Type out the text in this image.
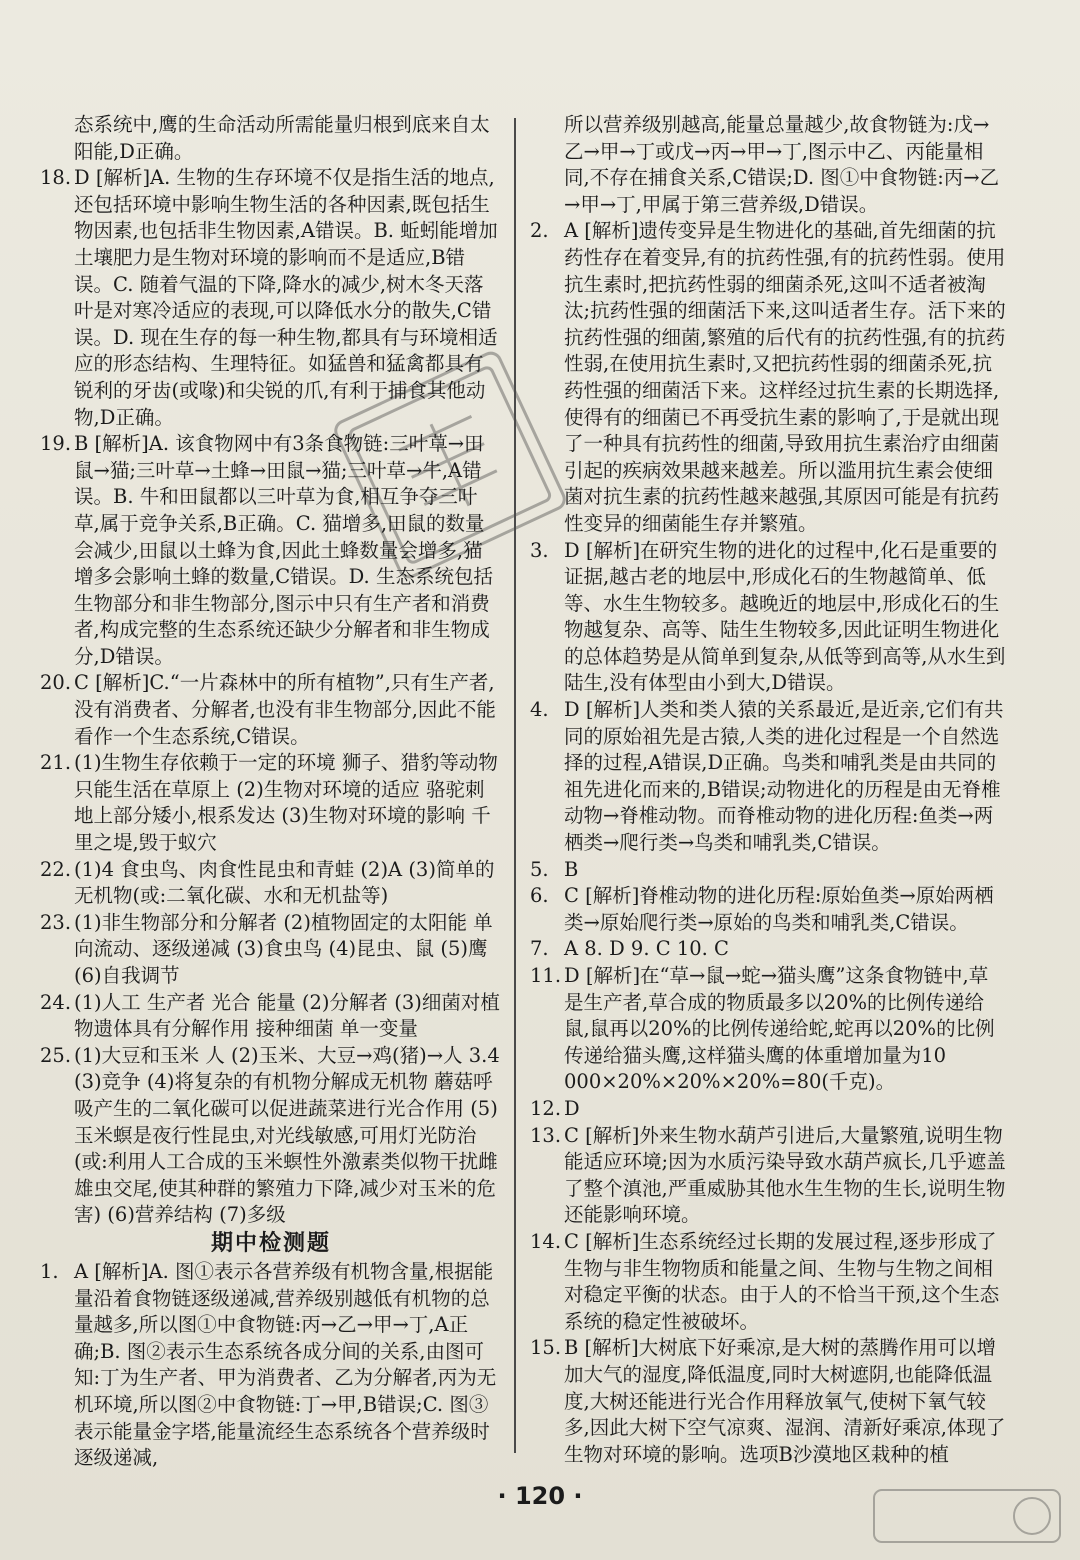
态系统中,鹰的生命活动所需能量归根到底来自太阳能,D正确。

18. D [解析]A. 生物的生存环境不仅是指生活的地点,还包括环境中影响生物生活的各种因素,既包括生物因素,也包括非生物因素,A错误。B. 蚯蚓能增加土壤肥力是生物对环境的影响而不是适应,B错误。C. 随着气温的下降,降水的减少,树木冬天落叶是对寒冷适应的表现,可以降低水分的散失,C错误。D. 现在生存的每一种生物,都具有与环境相适应的形态结构、生理特征。如猛兽和猛禽都具有锐利的牙齿(或喙)和尖锐的爪,有利于捕食其他动物,D正确。

19. B [解析]A. 该食物网中有3条食物链:三叶草→田鼠→猫;三叶草→土蜂→田鼠→猫;三叶草→牛,A错误。B. 牛和田鼠都以三叶草为食,相互争夺三叶草,属于竞争关系,B正确。C. 猫增多,田鼠的数量会减少,田鼠以土蜂为食,因此土蜂数量会增多,猫增多会影响土蜂的数量,C错误。D. 生态系统包括生物部分和非生物部分,图示中只有生产者和消费者,构成完整的生态系统还缺少分解者和非生物成分,D错误。

20. C [解析]C.“一片森林中的所有植物”,只有生产者,没有消费者、分解者,也没有非生物部分,因此不能看作一个生态系统,C错误。

21. (1)生物生存依赖于一定的环境 狮子、猎豹等动物只能生活在草原上 (2)生物对环境的适应 骆驼刺地上部分矮小,根系发达 (3)生物对环境的影响 千里之堤,毁于蚁穴

22. (1)4 食虫鸟、肉食性昆虫和青蛙 (2)A (3)简单的无机物(或:二氧化碳、水和无机盐等)

23. (1)非生物部分和分解者 (2)植物固定的太阳能 单向流动、逐级递减 (3)食虫鸟 (4)昆虫、鼠 (5)鹰 (6)自我调节

24. (1)人工 生产者 光合 能量 (2)分解者 (3)细菌对植物遗体具有分解作用 接种细菌 单一变量

25. (1)大豆和玉米 人 (2)玉米、大豆→鸡(猪)→人 3.4 (3)竞争 (4)将复杂的有机物分解成无机物 蘑菇呼吸产生的二氧化碳可以促进蔬菜进行光合作用 (5)玉米螟是夜行性昆虫,对光线敏感,可用灯光防治(或:利用人工合成的玉米螟性外激素类似物干扰雌雄虫交尾,使其种群的繁殖力下降,减少对玉米的危害) (6)营养结构 (7)多级

期中检测题

1. A [解析]A. 图①表示各营养级有机物含量,根据能量沿着食物链逐级递减,营养级别越低有机物的总量越多,所以图①中食物链:丙→乙→甲→丁,A正确;B. 图②表示生态系统各成分间的关系,由图可知:丁为生产者、甲为消费者、乙为分解者,丙为无机环境,所以图②中食物链:丁→甲,B错误;C. 图③表示能量金字塔,能量流经生态系统各个营养级时逐级递减,

所以营养级别越高,能量总量越少,故食物链为:戊→乙→甲→丁或戊→丙→甲→丁,图示中乙、丙能量相同,不存在捕食关系,C错误;D. 图①中食物链:丙→乙→甲→丁,甲属于第三营养级,D错误。

2. A [解析]遗传变异是生物进化的基础,首先细菌的抗药性存在着变异,有的抗药性强,有的抗药性弱。使用抗生素时,把抗药性弱的细菌杀死,这叫不适者被淘汰;抗药性强的细菌活下来,这叫适者生存。活下来的抗药性强的细菌,繁殖的后代有的抗药性强,有的抗药性弱,在使用抗生素时,又把抗药性弱的细菌杀死,抗药性强的细菌活下来。这样经过抗生素的长期选择,使得有的细菌已不再受抗生素的影响了,于是就出现了一种具有抗药性的细菌,导致用抗生素治疗由细菌引起的疾病效果越来越差。所以滥用抗生素会使细菌对抗生素的抗药性越来越强,其原因可能是有抗药性变异的细菌能生存并繁殖。

3. D [解析]在研究生物的进化的过程中,化石是重要的证据,越古老的地层中,形成化石的生物越简单、低等、水生生物较多。越晚近的地层中,形成化石的生物越复杂、高等、陆生生物较多,因此证明生物进化的总体趋势是从简单到复杂,从低等到高等,从水生到陆生,没有体型由小到大,D错误。

4. D [解析]人类和类人猿的关系最近,是近亲,它们有共同的原始祖先是古猿,人类的进化过程是一个自然选择的过程,A错误,D正确。鸟类和哺乳类是由共同的祖先进化而来的,B错误;动物进化的历程是由无脊椎动物→脊椎动物。而脊椎动物的进化历程:鱼类→两栖类→爬行类→鸟类和哺乳类,C错误。

5. B

6. C [解析]脊椎动物的进化历程:原始鱼类→原始两栖类→原始爬行类→原始的鸟类和哺乳类,C错误。

7. A 8. D 9. C 10. C

11. D [解析]在“草→鼠→蛇→猫头鹰”这条食物链中,草是生产者,草合成的物质最多以20%的比例传递给鼠,鼠再以20%的比例传递给蛇,蛇再以20%的比例传递给猫头鹰,这样猫头鹰的体重增加量为10 000×20%×20%×20%=80(千克)。

12. D

13. C [解析]外来生物水葫芦引进后,大量繁殖,说明生物能适应环境;因为水质污染导致水葫芦疯长,几乎遮盖了整个滇池,严重威胁其他水生生物的生长,说明生物还能影响环境。

14. C [解析]生态系统经过长期的发展过程,逐步形成了生物与非生物物质和能量之间、生物与生物之间相对稳定平衡的状态。由于人的不恰当干预,这个生态系统的稳定性被破坏。

15. B [解析]大树底下好乘凉,是大树的蒸腾作用可以增加大气的湿度,降低温度,同时大树遮阴,也能降低温度,大树还能进行光合作用释放氧气,使树下氧气较多,因此大树下空气凉爽、湿润、清新好乘凉,体现了生物对环境的影响。选项B沙漠地区栽种的植

· 120 ·
